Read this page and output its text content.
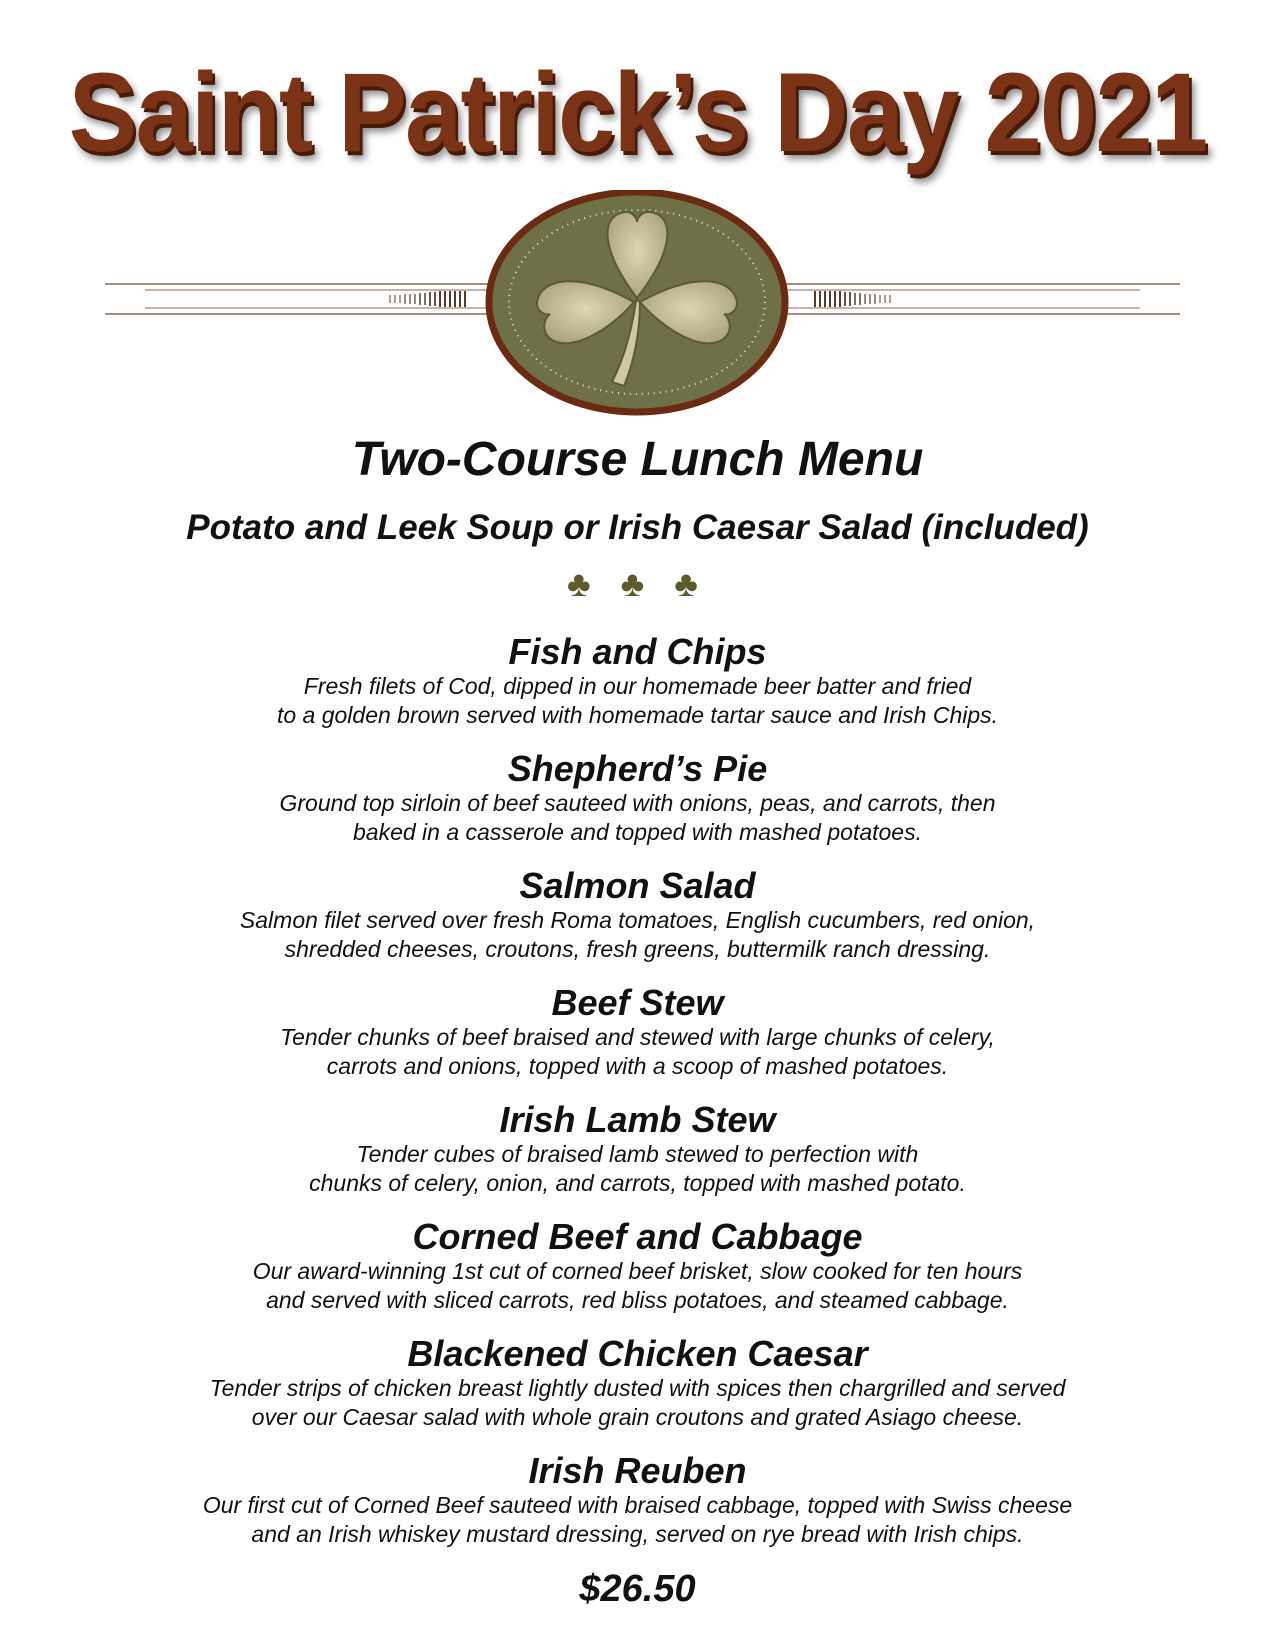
Saint Patrick’s Day 2021
Two-Course Lunch Menu
Potato and Leek Soup or Irish Caesar Salad (included)
♣ ♣ ♣
Fish and Chips
Fresh filets of Cod, dipped in our homemade beer batter and fried
to a golden brown served with homemade tartar sauce and Irish Chips.
Shepherd’s Pie
Ground top sirloin of beef sauteed with onions, peas, and carrots, then
baked in a casserole and topped with mashed potatoes.
Salmon Salad
Salmon filet served over fresh Roma tomatoes, English cucumbers, red onion,
shredded cheeses, croutons, fresh greens, buttermilk ranch dressing.
Beef Stew
Tender chunks of beef braised and stewed with large chunks of celery,
carrots and onions, topped with a scoop of mashed potatoes.
Irish Lamb Stew
Tender cubes of braised lamb stewed to perfection with
chunks of celery, onion, and carrots, topped with mashed potato.
Corned Beef and Cabbage
Our award-winning 1st cut of corned beef brisket, slow cooked for ten hours
and served with sliced carrots, red bliss potatoes, and steamed cabbage.
Blackened Chicken Caesar
Tender strips of chicken breast lightly dusted with spices then chargrilled and served
over our Caesar salad with whole grain croutons and grated Asiago cheese.
Irish Reuben
Our first cut of Corned Beef sauteed with braised cabbage, topped with Swiss cheese
and an Irish whiskey mustard dressing, served on rye bread with Irish chips.
$26.50
